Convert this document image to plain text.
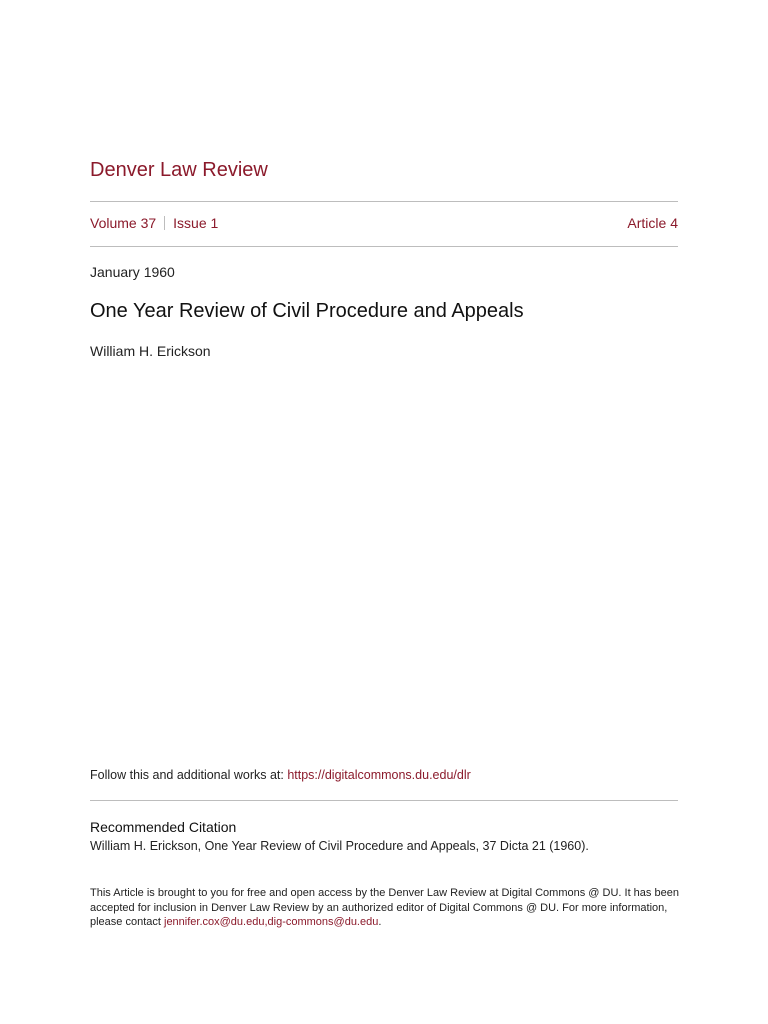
Denver Law Review
Volume 37 Issue 1	Article 4
January 1960
One Year Review of Civil Procedure and Appeals
William H. Erickson
Follow this and additional works at: https://digitalcommons.du.edu/dlr
Recommended Citation
William H. Erickson, One Year Review of Civil Procedure and Appeals, 37 Dicta 21 (1960).
This Article is brought to you for free and open access by the Denver Law Review at Digital Commons @ DU. It has been accepted for inclusion in Denver Law Review by an authorized editor of Digital Commons @ DU. For more information, please contact jennifer.cox@du.edu,dig-commons@du.edu.
